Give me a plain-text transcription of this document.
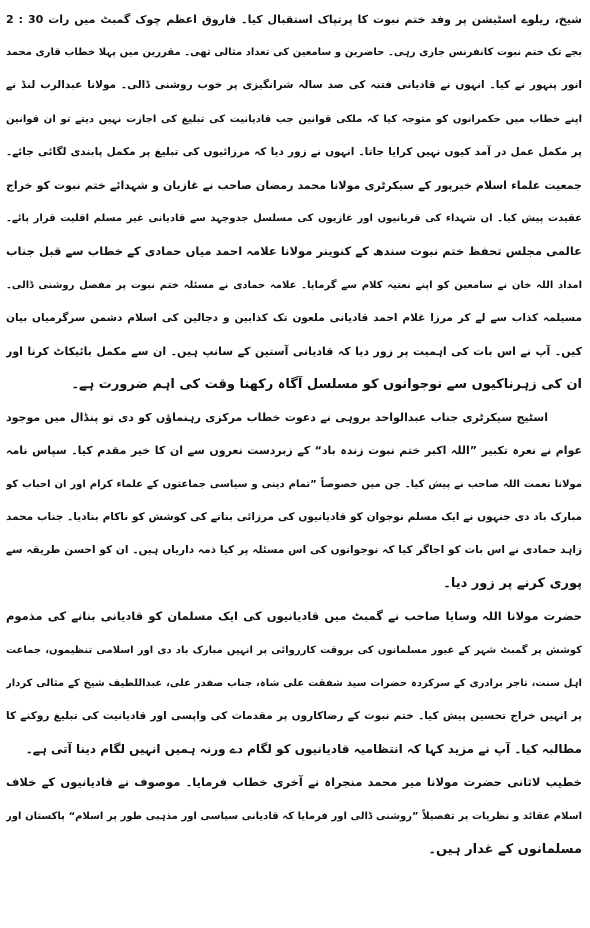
شیخ، ریلوے اسٹیشن پر وفد ختم نبوت کا پرتپاک استقبال کیا۔ فاروق اعظم چوک گمبٹ میں رات 30 : 2
بجے تک ختم نبوت کانفرنس جاری رہی۔ حاضرین و سامعین کی تعداد مثالی تھی۔ مقررین میں پہلا خطاب قاری محمد
انور پنہور نے کیا۔ انہوں نے قادیانی فتنہ کی صد سالہ شرانگیزی پر خوب روشنی ڈالی۔ مولانا عبدالرب لنڈ نے
اپنے خطاب میں حکمرانوں کو متوجہ کیا کہ ملکی قوانین جب قادیانیت کی تبلیغ کی اجازت نہیں دیتے تو ان قوانین
پر مکمل عمل در آمد کیوں نہیں کرایا جاتا۔ انہوں نے زور دیا کہ مرزائیوں کی تبلیغ پر مکمل پابندی لگائی جائے۔
جمعیت علماء اسلام خیرپور کے سیکرٹری مولانا محمد رمضان صاحب نے غازیان و شہدائے ختم نبوت کو خراج
عقیدت پیش کیا۔ ان شہداء کی قربانیوں اور غازیوں کی مسلسل جدوجہد سے قادیانی غیر مسلم اقلیت قرار پائے۔
عالمی مجلس تحفظ ختم نبوت سندھ کے کنوینر مولانا علامہ احمد میاں حمادی کے خطاب سے قبل جناب
امداد اللہ خان نے سامعین کو اپنے نعتیہ کلام سے گرمایا۔ علامہ حمادی نے مسئلہ ختم نبوت پر مفصل روشنی ڈالی۔
مسیلمہ کذاب سے لے کر مرزا غلام احمد قادیانی ملعون تک کذابین و دجالین کی اسلام دشمن سرگرمیاں بیان
کیں۔ آپ نے اس بات کی اہمیت پر زور دیا کہ قادیانی آستین کے سانپ ہیں۔ ان سے مکمل بائیکاٹ کرنا اور
ان کی زہرناکیوں سے نوجوانوں کو مسلسل آگاہ رکھنا وقت کی اہم ضرورت ہے۔
اسٹیج سیکرٹری جناب عبدالواحد بروہی نے دعوت خطاب مرکزی رہنماؤں کو دی تو پنڈال میں موجود
عوام نے نعرہ تکبیر ”اللہ اکبر ختم نبوت زندہ باد“ کے زبردست نعروں سے ان کا خیر مقدم کیا۔ سپاس نامہ
مولانا نعمت اللہ صاحب نے پیش کیا۔ جن میں خصوصاً ”تمام دینی و سیاسی جماعتوں کے علماء کرام اور ان احباب کو
مبارک باد دی جنہوں نے ایک مسلم نوجوان کو قادیانیوں کی مرزائی بنانے کی کوشش کو ناکام بنادیا۔ جناب محمد
زاہد حمادی نے اس بات کو اجاگر کیا کہ نوجوانوں کی اس مسئلہ پر کیا ذمہ داریاں ہیں۔ ان کو احسن طریقہ سے
پوری کرنے پر زور دیا۔
حضرت مولانا اللہ وسایا صاحب نے گمبٹ میں قادیانیوں کی ایک مسلمان کو قادیانی بنانے کی مذموم
کوشش پر گمبٹ شہر کے غیور مسلمانوں کی بروقت کارروائی پر انہیں مبارک باد دی اور اسلامی تنظیموں، جماعت
اہل سنت، تاجر برادری کے سرکردہ حضرات سید شفقت علی شاہ، جناب صفدر علی، عبداللطیف شیخ کے مثالی کردار
پر انہیں خراج تحسین پیش کیا۔ ختم نبوت کے رضاکاروں پر مقدمات کی واپسی اور قادیانیت کی تبلیغ روکنے کا
مطالبہ کیا۔ آپ نے مزید کہا کہ انتظامیہ قادیانیوں کو لگام دے ورنہ ہمیں انہیں لگام دینا آتی ہے۔
خطیب لاثانی حضرت مولانا میر محمد منجراہ نے آخری خطاب فرمایا۔ موصوف نے قادیانیوں کے خلاف
اسلام عقائد و نظریات پر تفصیلاً ”روشنی ڈالی اور فرمایا کہ قادیانی سیاسی اور مذہبی طور پر اسلام“ پاکستان اور
مسلمانوں کے غدار ہیں۔
